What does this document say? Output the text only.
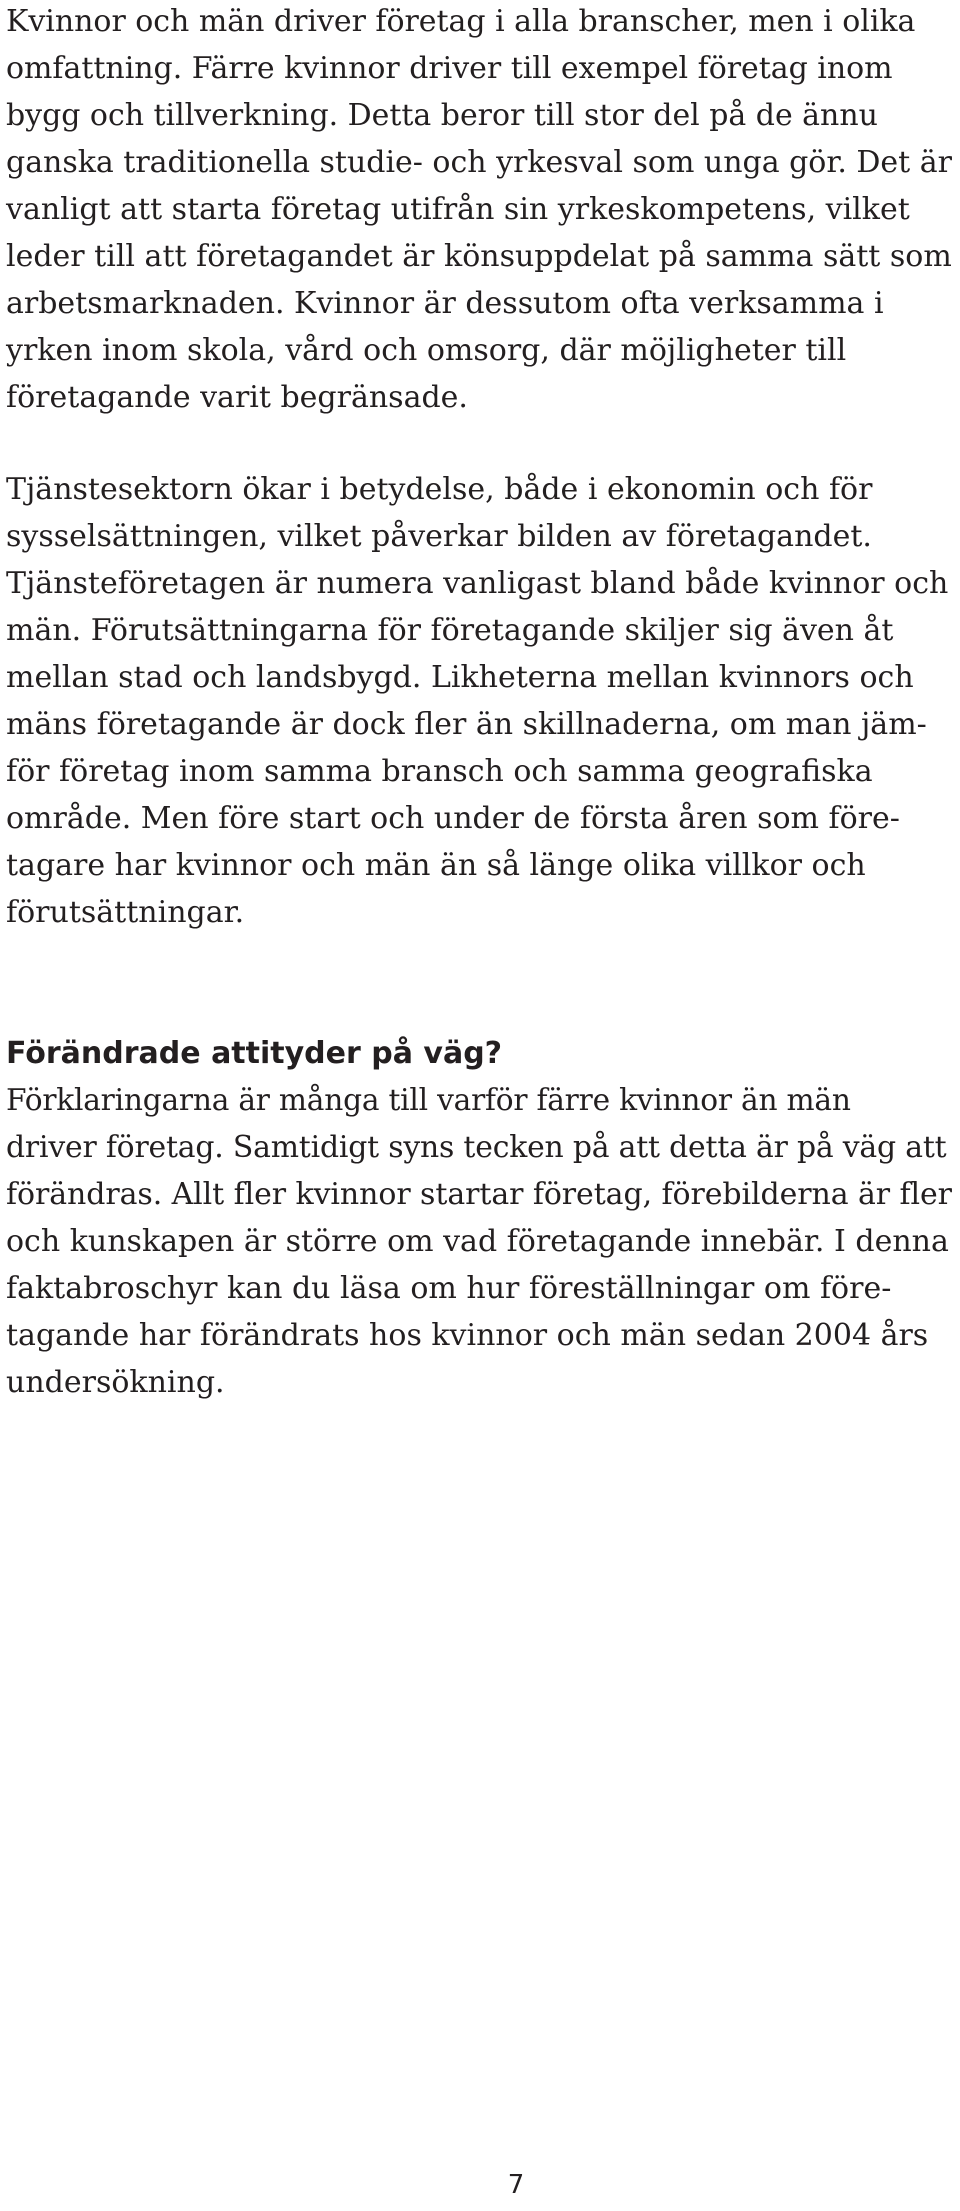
Kvinnor och män driver företag i alla branscher, men i olika
omfattning. Färre kvinnor driver till exempel företag inom
bygg och tillverkning. Detta beror till stor del på de ännu
ganska traditionella studie- och yrkesval som unga gör. Det är
vanligt att starta företag utifrån sin yrkeskompetens, vilket
leder till att företagandet är könsuppdelat på samma sätt som
arbetsmarknaden. Kvinnor är dessutom ofta verksamma i
yrken inom skola, vård och omsorg, där möjligheter till
företagande varit begränsade.

Tjänstesektorn ökar i betydelse, både i ekonomin och för
sysselsättningen, vilket påverkar bilden av företagandet.
Tjänsteföretagen är numera vanligast bland både kvinnor och
män. Förutsättningarna för företagande skiljer sig även åt
mellan stad och landsbygd. Likheterna mellan kvinnors och
mäns företagande är dock fler än skillnaderna, om man jäm-
för företag inom samma bransch och samma geografiska
område. Men före start och under de första åren som före-
tagare har kvinnor och män än så länge olika villkor och
förutsättningar.

Förändrade attityder på väg?

Förklaringarna är många till varför färre kvinnor än män
driver företag. Samtidigt syns tecken på att detta är på väg att
förändras. Allt fler kvinnor startar företag, förebilderna är fler
och kunskapen är större om vad företagande innebär. I denna
faktabroschyr kan du läsa om hur föreställningar om före-
tagande har förändrats hos kvinnor och män sedan 2004 års
undersökning.

7
